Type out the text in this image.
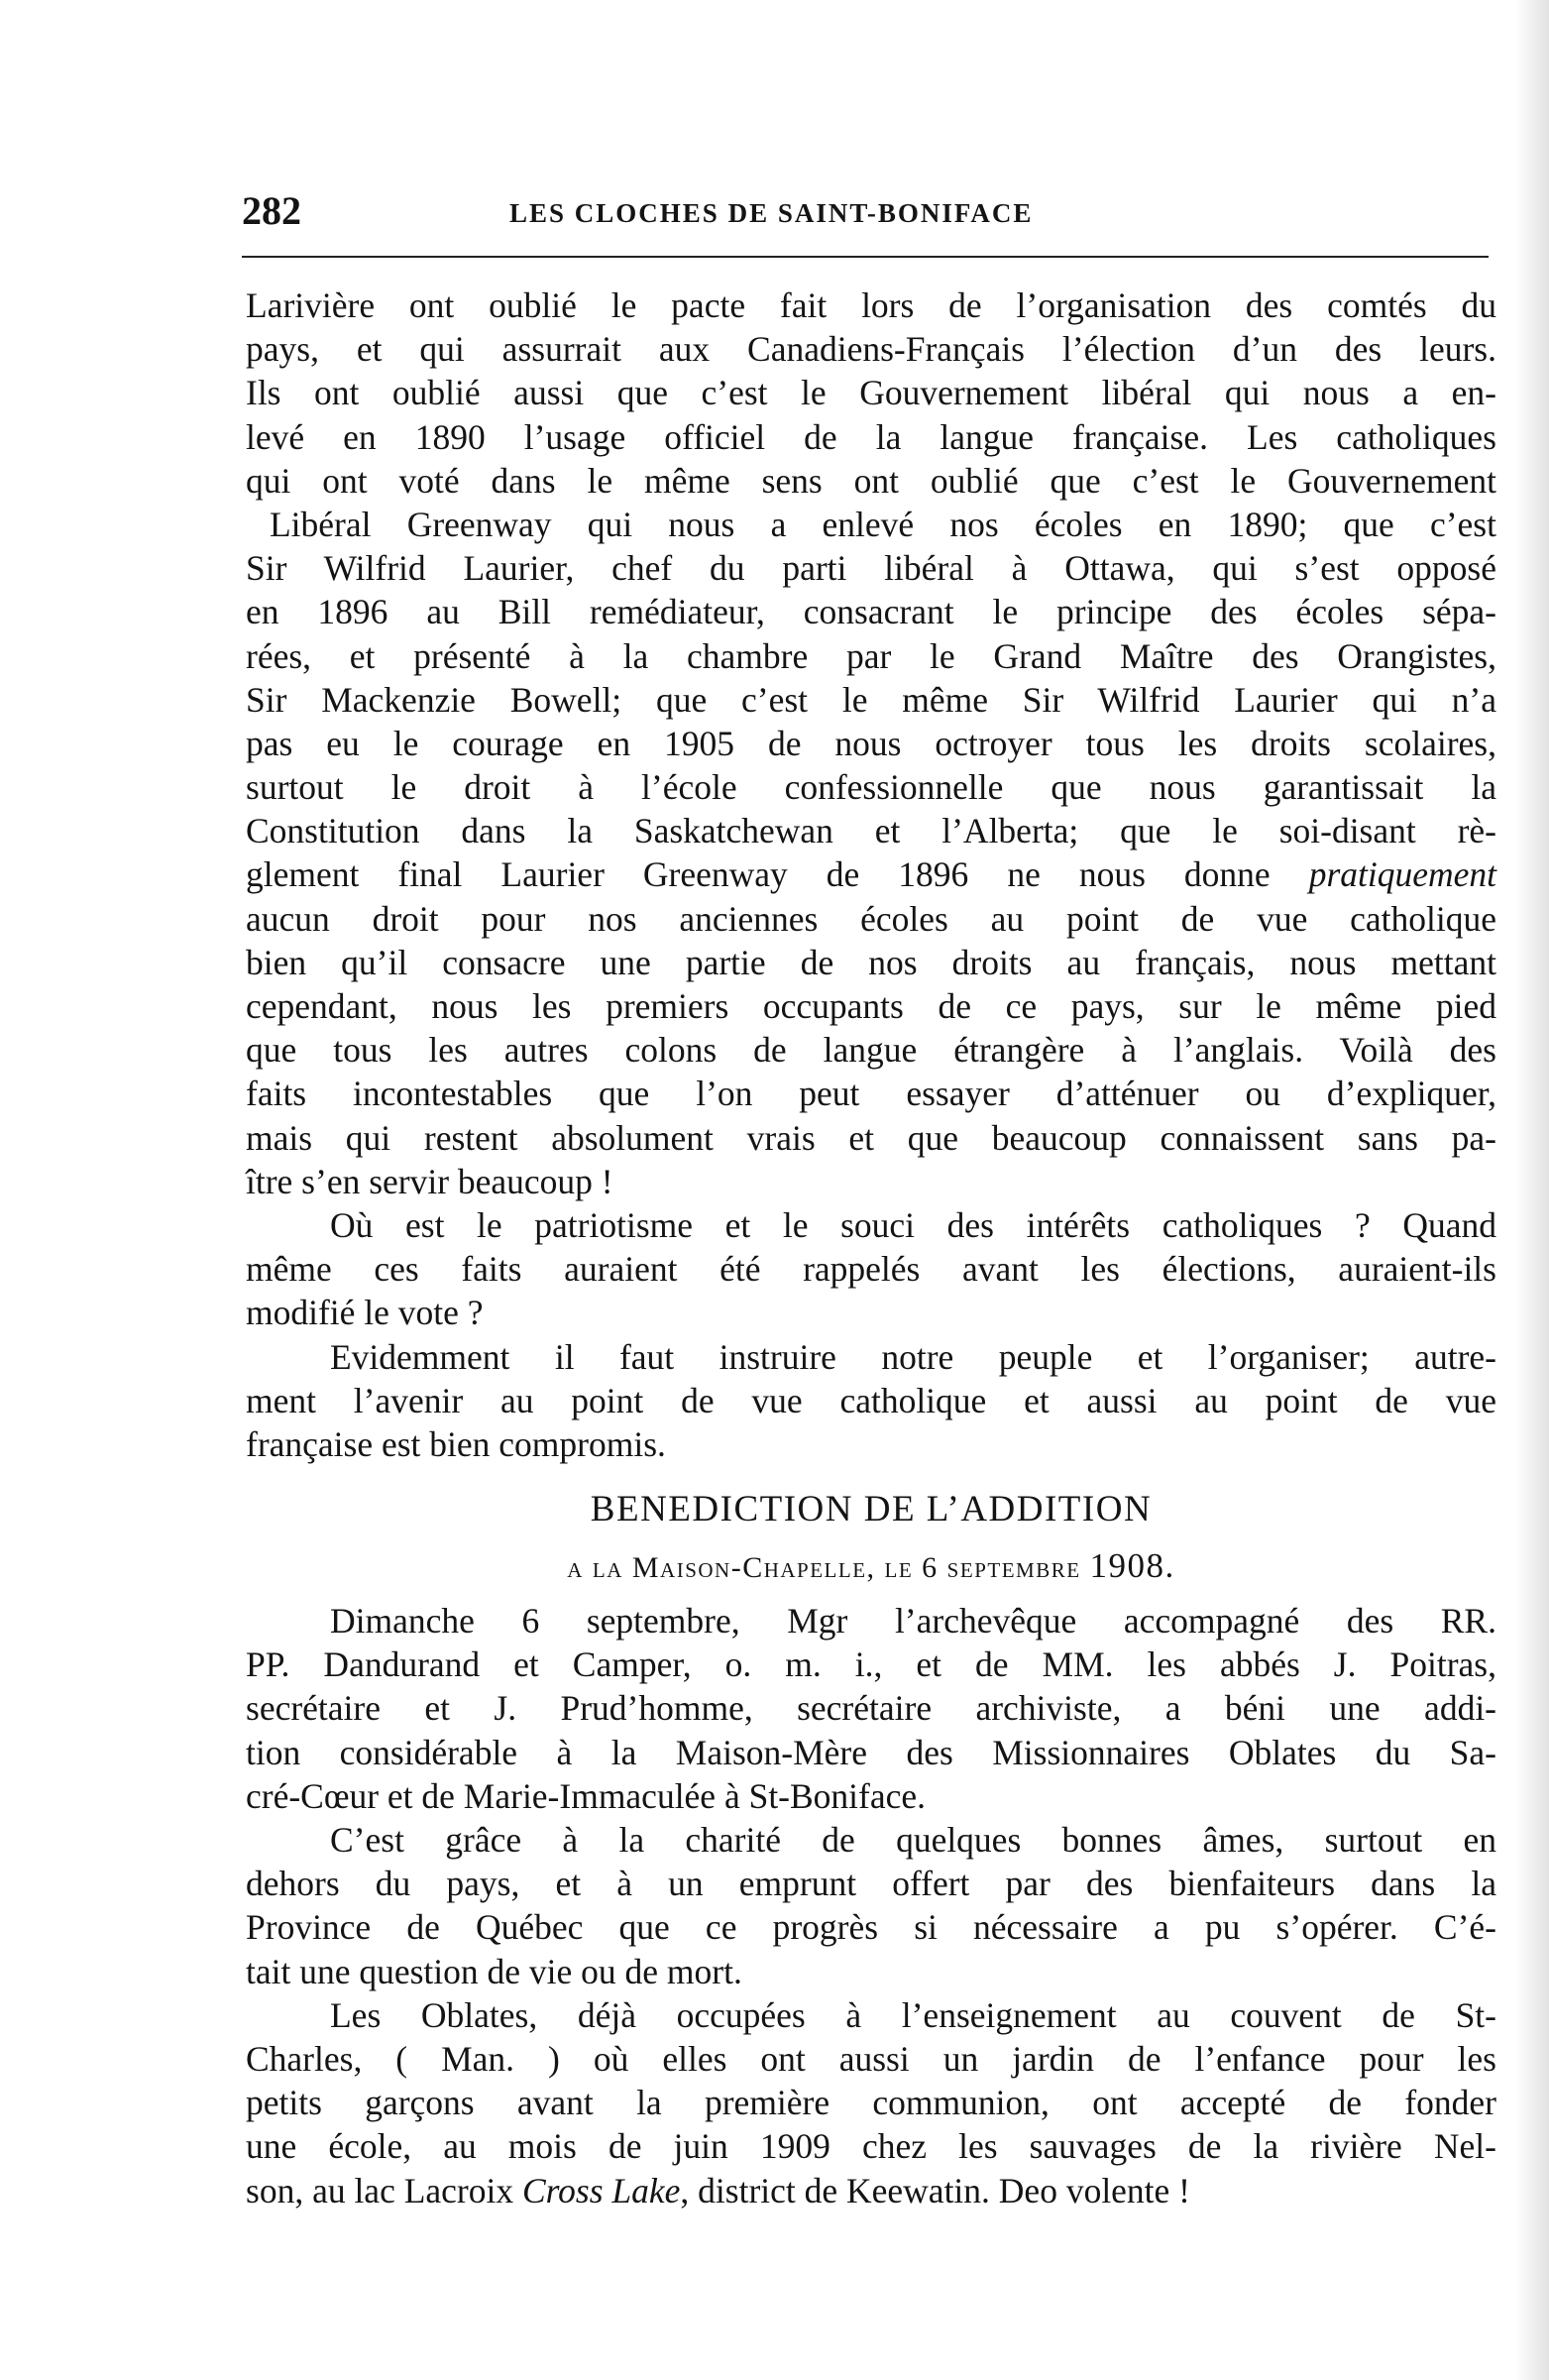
282	LES CLOCHES DE SAINT-BONIFACE
Larivière ont oublié le pacte fait lors de l’organisation des comtés du
pays, et qui assurrait aux Canadiens-Français l’élection d’un des leurs.
Ils ont oublié aussi que c’est le Gouvernement libéral qui nous a en-
levé en 1890 l’usage officiel de la langue française. Les catholiques
qui ont voté dans le même sens ont oublié que c’est le Gouvernement
Libéral Greenway qui nous a enlevé nos écoles en 1890; que c’est
Sir Wilfrid Laurier, chef du parti libéral à Ottawa, qui s’est opposé
en 1896 au Bill remédiateur, consacrant le principe des écoles sépa-
rées, et présenté à la chambre par le Grand Maître des Orangistes,
Sir Mackenzie Bowell; que c’est le même Sir Wilfrid Laurier qui n’a
pas eu le courage en 1905 de nous octroyer tous les droits scolaires,
surtout le droit à l’école confessionnelle que nous garantissait la
Constitution dans la Saskatchewan et l’Alberta; que le soi-disant rè-
glement final Laurier Greenway de 1896 ne nous donne pratiquement
aucun droit pour nos anciennes écoles au point de vue catholique
bien qu’il consacre une partie de nos droits au français, nous mettant
cependant, nous les premiers occupants de ce pays, sur le même pied
que tous les autres colons de langue étrangère à l’anglais. Voilà des
faits incontestables que l’on peut essayer d’atténuer ou d’expliquer,
mais qui restent absolument vrais et que beaucoup connaissent sans pa-
ître s’en servir beaucoup !
Où est le patriotisme et le souci des intérêts catholiques ? Quand
même ces faits auraient été rappelés avant les élections, auraient-ils
modifié le vote ?
Evidemment il faut instruire notre peuple et l’organiser; autre-
ment l’avenir au point de vue catholique et aussi au point de vue
française est bien compromis.
BENEDICTION DE L’ADDITION
a la Maison-Chapelle, le 6 septembre 1908.
Dimanche 6 septembre, Mgr l’archevêque accompagné des RR.
PP. Dandurand et Camper, o. m. i., et de MM. les abbés J. Poitras,
secrétaire et J. Prud’homme, secrétaire archiviste, a béni une addi-
tion considérable à la Maison-Mère des Missionnaires Oblates du Sa-
cré-Cœur et de Marie-Immaculée à St-Boniface.
C’est grâce à la charité de quelques bonnes âmes, surtout en
dehors du pays, et à un emprunt offert par des bienfaiteurs dans la
Province de Québec que ce progrès si nécessaire a pu s’opérer. C’é-
tait une question de vie ou de mort.
Les Oblates, déjà occupées à l’enseignement au couvent de St-
Charles, ( Man. ) où elles ont aussi un jardin de l’enfance pour les
petits garçons avant la première communion, ont accepté de fonder
une école, au mois de juin 1909 chez les sauvages de la rivière Nel-
son, au lac Lacroix Cross Lake, district de Keewatin. Deo volente !
